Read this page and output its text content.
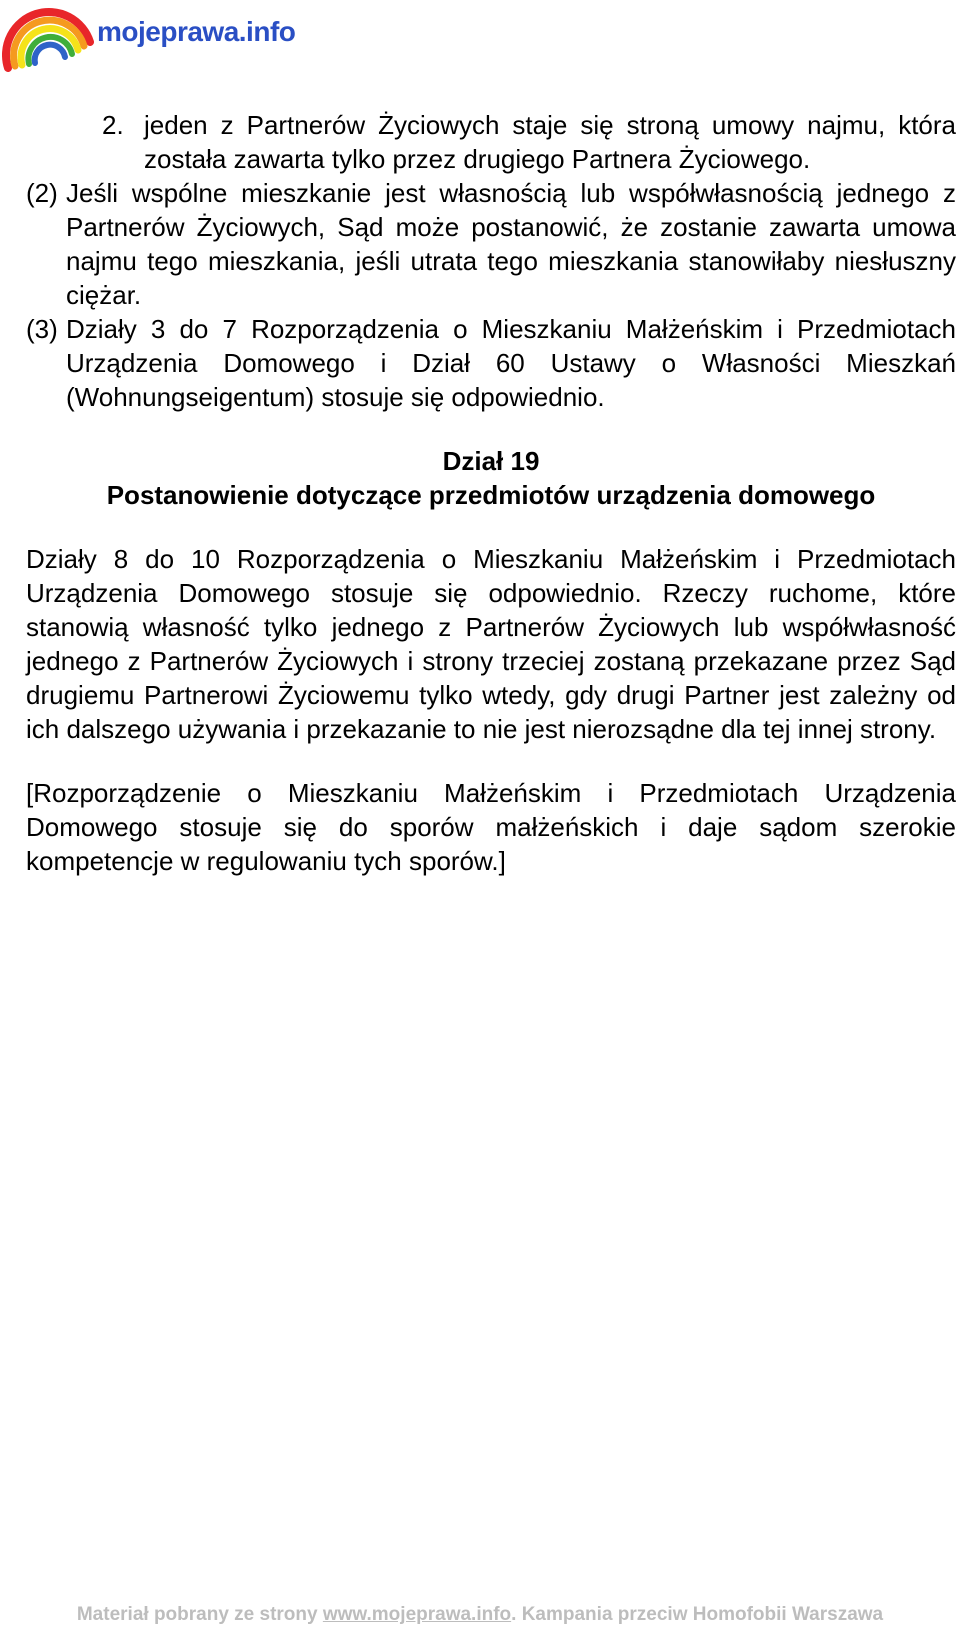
mojeprawa.info
2. jeden z Partnerów Życiowych staje się stroną umowy najmu, która została zawarta tylko przez drugiego Partnera Życiowego.
(2) Jeśli wspólne mieszkanie jest własnością lub współwłasnością jednego z Partnerów Życiowych, Sąd może postanowić, że zostanie zawarta umowa najmu tego mieszkania, jeśli utrata tego mieszkania stanowiłaby niesłuszny ciężar.
(3) Działy 3 do 7 Rozporządzenia o Mieszkaniu Małżeńskim i Przedmiotach Urządzenia Domowego i Dział 60 Ustawy o Własności Mieszkań (Wohnungseigentum) stosuje się odpowiednio.
Dział 19
Postanowienie dotyczące przedmiotów urządzenia domowego

Działy 8 do 10 Rozporządzenia o Mieszkaniu Małżeńskim i Przedmiotach Urządzenia Domowego stosuje się odpowiednio. Rzeczy ruchome, które stanowią własność tylko jednego z Partnerów Życiowych lub współwłasność jednego z Partnerów Życiowych i strony trzeciej zostaną przekazane przez Sąd drugiemu Partnerowi Życiowemu tylko wtedy, gdy drugi Partner jest zależny od ich dalszego używania i przekazanie to nie jest nierozsądne dla tej innej strony.

[Rozporządzenie o Mieszkaniu Małżeńskim i Przedmiotach Urządzenia Domowego stosuje się do sporów małżeńskich i daje sądom szerokie kompetencje w regulowaniu tych sporów.]

Materiał pobrany ze strony www.mojeprawa.info. Kampania przeciw Homofobii Warszawa
